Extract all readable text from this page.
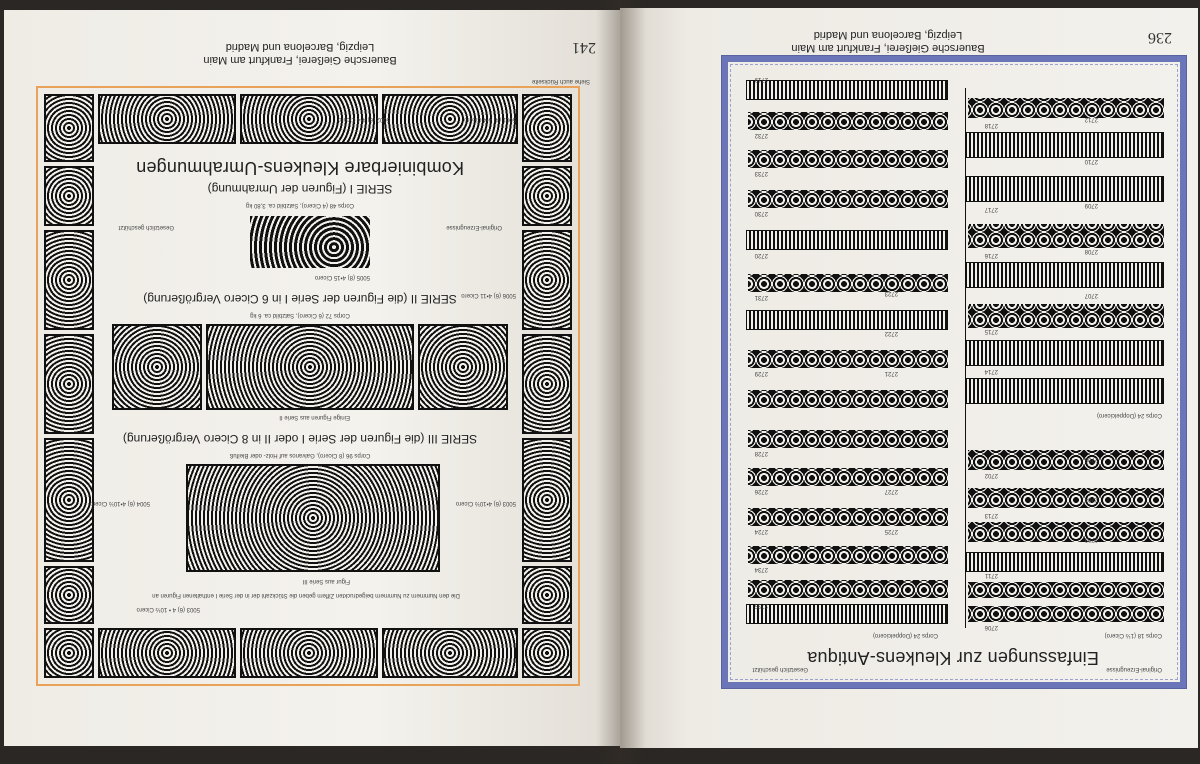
241
Bauersche Gießerei, Frankfurt am Main
Leipzig, Barcelona und Madrid
Siehe auch Rückseite
Kombinierbare Kleukens-Umrahmungen
SERIE I (Figuren der Umrahmung)
Corps 48 (4 Cicero), Satzbild ca. 3,80 kg
Original-Erzeugnisse
Gesetzlich geschützt
5005 (8) 4•15 Cicero
SERIE II (die Figuren der Serie I in 6 Cicero Vergrößerung)
Corps 72 (6 Cicero), Satzbild ca. 6 kg
Einige Figuren aus Serie II
SERIE III (die Figuren der Serie I oder II in 8 Cicero Vergrößerung)
Corps 96 (8 Cicero), Galvanos auf Holz- oder Bleifuß
Figur aus Serie III
Die den Nummern zu Nummern beigedruckten Ziffern geben die Stückzahl der in der Serie I enthaltenen Figuren an
5003 (6) 4 • 10½ Cicero
5006 (6) 4•11 Cicero
5004 (6) 4•10½ Cicero	5003 (6) 4•10½ Cicero
5001 (4) 4•4 Cicero
5002 (6) 4•4 Cicero
236
Bauersche Gießerei, Frankfurt am Main
Leipzig, Barcelona und Madrid
Einfassungen zur Kleukens-Antiqua
Original-Erzeugnisse
Gesetzlich geschützt
Corps 18 (1½ Cicero)
Corps 24 (Doppelcicero)
Corps 24 (Doppelcicero)
2706
2711
2713
2702
2714
2715
2716
2717
2718
2735
2734
2724
2726
2728
2729
2731
2720
2730
2733
2732
2719
2703
2704
2705
2707
2708
2709
2710
2712
2725
2727
2721
2722
2723
